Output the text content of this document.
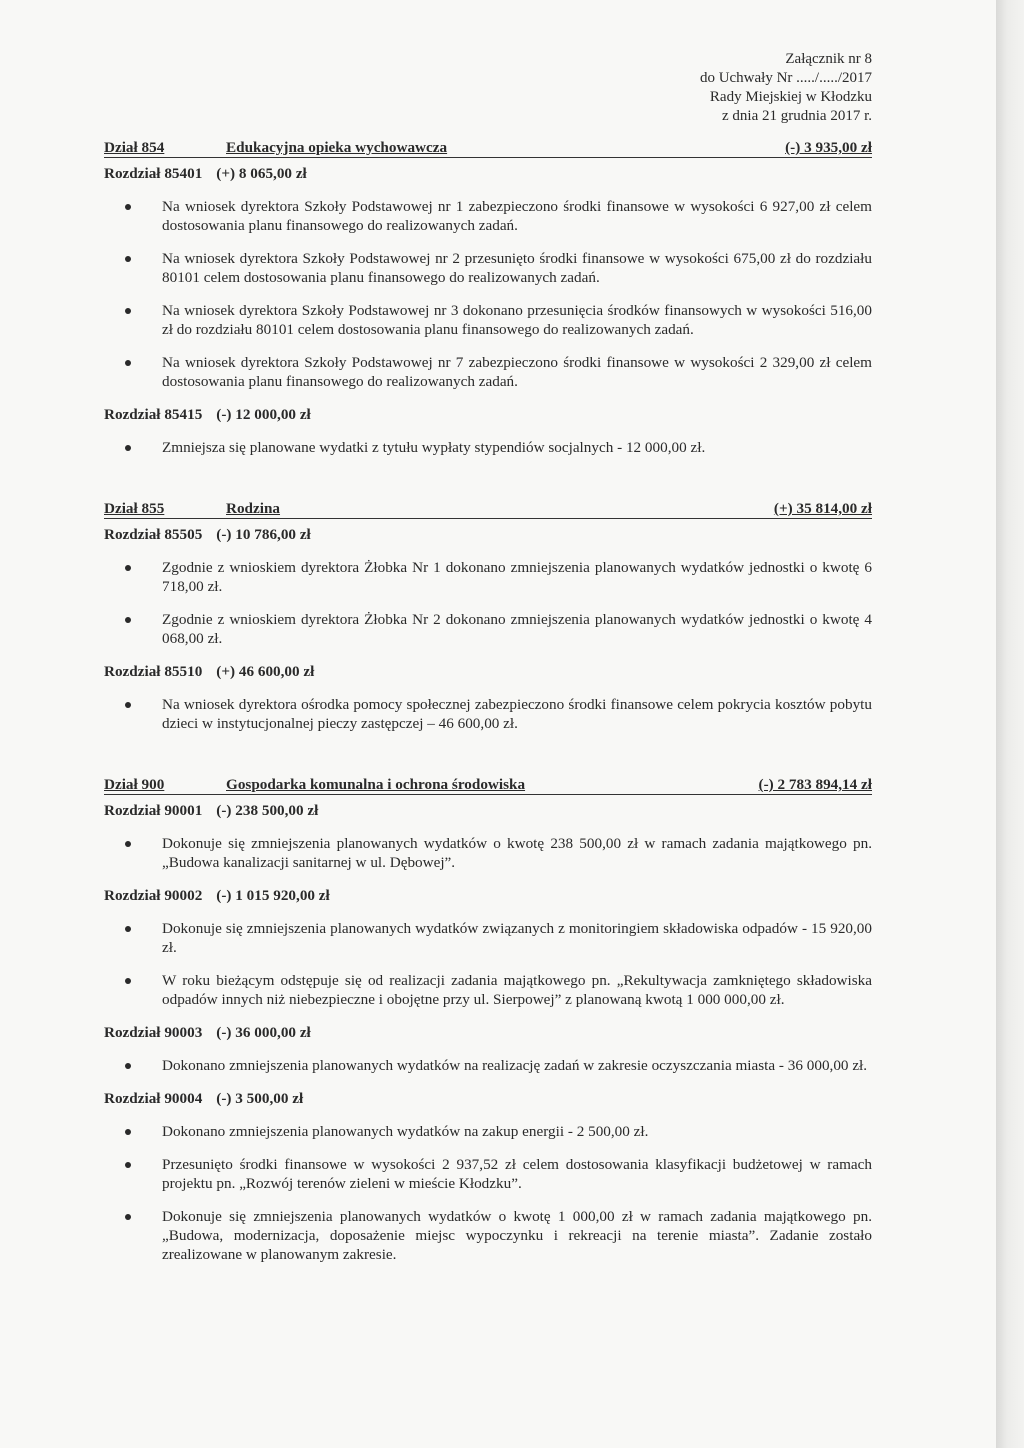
Załącznik nr 8
do Uchwały Nr ...../...../2017
Rady Miejskiej w Kłodzku
z dnia 21 grudnia 2017 r.
Dział 854	Edukacyjna opieka wychowawcza	(-) 3 935,00 zł
Rozdział 85401 (+) 8 065,00 zł
Na wniosek dyrektora Szkoły Podstawowej nr 1 zabezpieczono środki finansowe w wysokości 6 927,00 zł celem dostosowania planu finansowego do realizowanych zadań.
Na wniosek dyrektora Szkoły Podstawowej nr 2 przesunięto środki finansowe w wysokości 675,00 zł do rozdziału 80101 celem dostosowania planu finansowego do realizowanych zadań.
Na wniosek dyrektora Szkoły Podstawowej nr 3 dokonano przesunięcia środków finansowych w wysokości 516,00 zł do rozdziału 80101 celem dostosowania planu finansowego do realizowanych zadań.
Na wniosek dyrektora Szkoły Podstawowej nr 7 zabezpieczono środki finansowe w wysokości 2 329,00 zł celem dostosowania planu finansowego do realizowanych zadań.
Rozdział 85415 (-) 12 000,00 zł
Zmniejsza się planowane wydatki z tytułu wypłaty stypendiów socjalnych - 12 000,00 zł.
Dział 855	Rodzina	(+) 35 814,00 zł
Rozdział 85505 (-) 10 786,00 zł
Zgodnie z wnioskiem dyrektora Żłobka Nr 1 dokonano zmniejszenia planowanych wydatków jednostki o kwotę 6 718,00 zł.
Zgodnie z wnioskiem dyrektora Żłobka Nr 2 dokonano zmniejszenia planowanych wydatków jednostki o kwotę 4 068,00 zł.
Rozdział 85510 (+) 46 600,00 zł
Na wniosek dyrektora ośrodka pomocy społecznej zabezpieczono środki finansowe celem pokrycia kosztów pobytu dzieci w instytucjonalnej pieczy zastępczej – 46 600,00 zł.
Dział 900	Gospodarka komunalna i ochrona środowiska	(-) 2 783 894,14 zł
Rozdział 90001 (-) 238 500,00 zł
Dokonuje się zmniejszenia planowanych wydatków o kwotę 238 500,00 zł w ramach zadania majątkowego pn. „Budowa kanalizacji sanitarnej w ul. Dębowej”.
Rozdział 90002 (-) 1 015 920,00 zł
Dokonuje się zmniejszenia planowanych wydatków związanych z monitoringiem składowiska odpadów - 15 920,00 zł.
W roku bieżącym odstępuje się od realizacji zadania majątkowego pn. „Rekultywacja zamkniętego składowiska odpadów innych niż niebezpieczne i obojętne przy ul. Sierpowej” z planowaną kwotą 1 000 000,00 zł.
Rozdział 90003 (-) 36 000,00 zł
Dokonano zmniejszenia planowanych wydatków na realizację zadań w zakresie oczyszczania miasta - 36 000,00 zł.
Rozdział 90004 (-) 3 500,00 zł
Dokonano zmniejszenia planowanych wydatków na zakup energii - 2 500,00 zł.
Przesunięto środki finansowe w wysokości 2 937,52 zł celem dostosowania klasyfikacji budżetowej w ramach projektu pn. „Rozwój terenów zieleni w mieście Kłodzku”.
Dokonuje się zmniejszenia planowanych wydatków o kwotę 1 000,00 zł w ramach zadania majątkowego pn. „Budowa, modernizacja, doposażenie miejsc wypoczynku i rekreacji na terenie miasta”. Zadanie zostało zrealizowane w planowanym zakresie.
